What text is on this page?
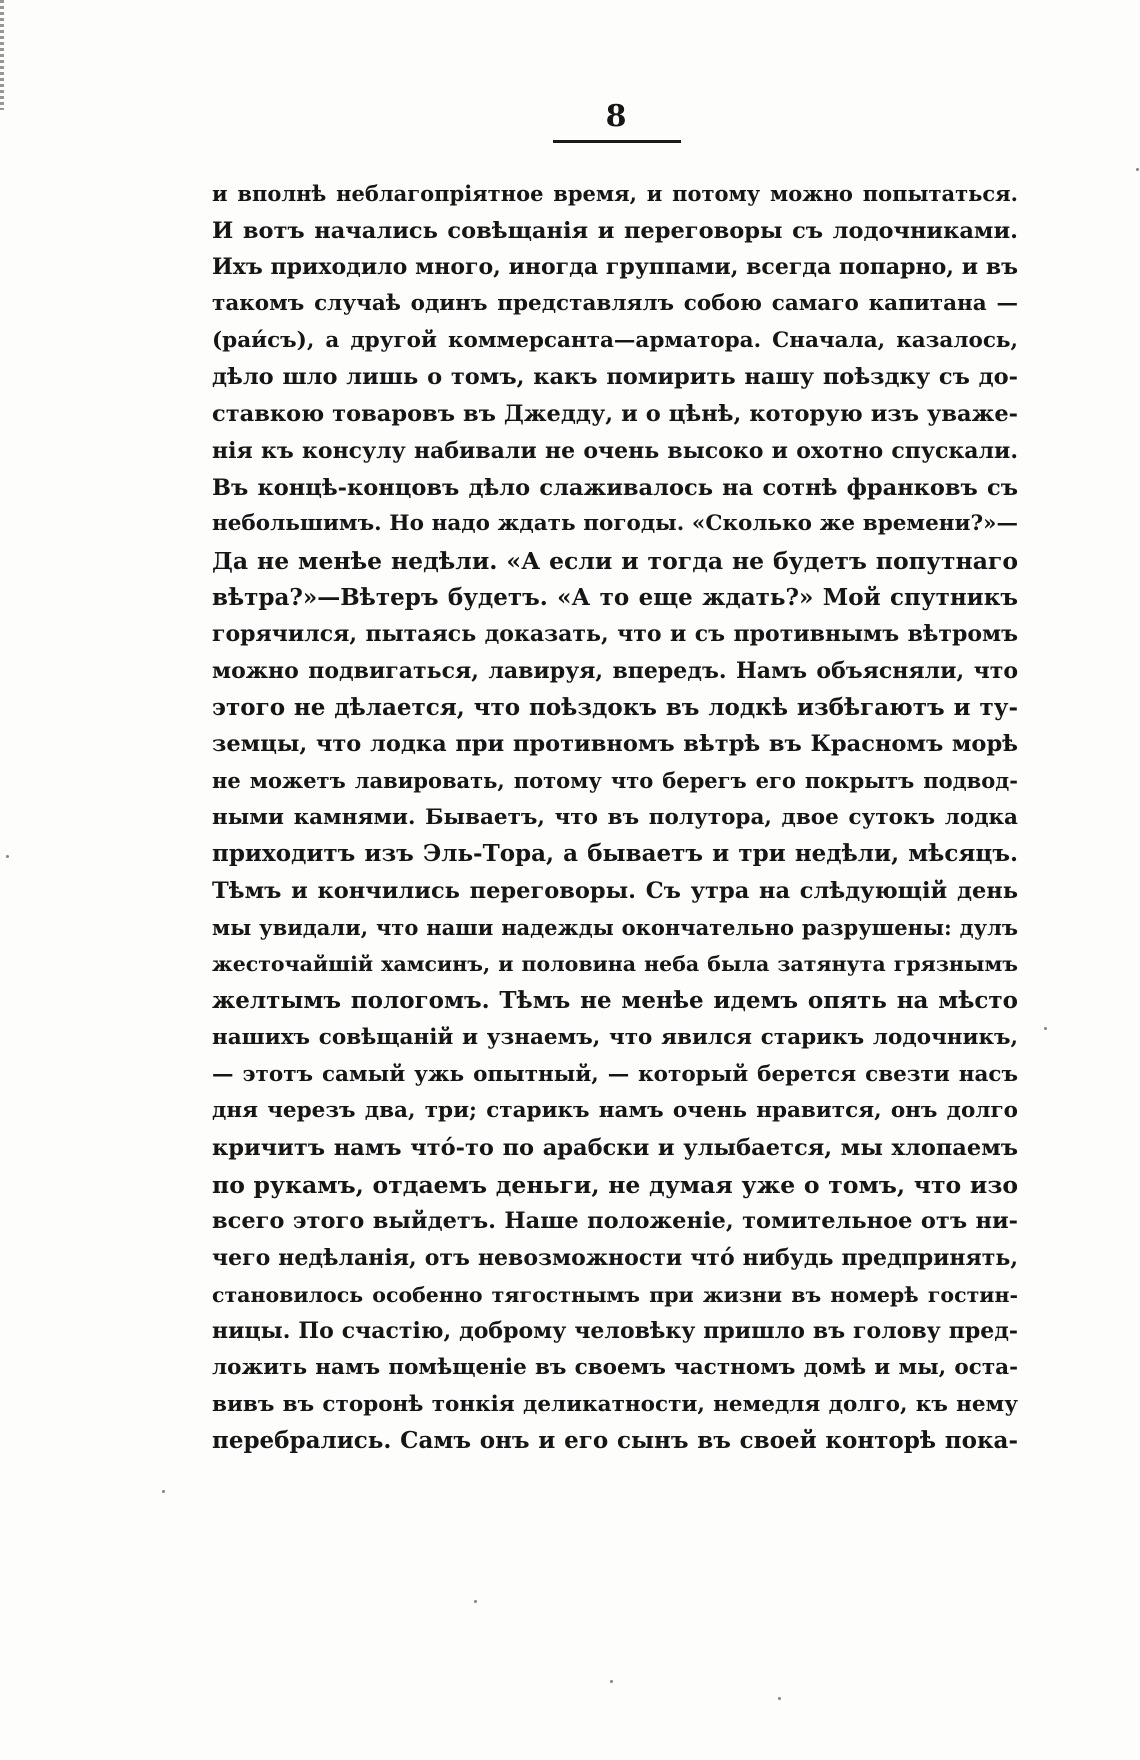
8
и вполнѣ неблагопріятное время, и потому можно попытаться.
И вотъ начались совѣщанія и переговоры съ лодочниками.
Ихъ приходило много, иногда группами, всегда попарно, и въ
такомъ случаѣ одинъ представлялъ собою самаго капитана —
(раи́съ), а другой коммерсанта—арматора. Сначала, казалось,
дѣло шло лишь о томъ, какъ помирить нашу поѣздку съ до-
ставкою товаровъ въ Джедду, и о цѣнѣ, которую изъ уваже-
нія къ консулу набивали не очень высоко и охотно спускали.
Въ концѣ-концовъ дѣло слаживалось на сотнѣ франковъ съ
небольшимъ. Но надо ждать погоды. «Сколько же времени?»—
Да не менѣе недѣли. «А если и тогда не будетъ попутнаго
вѣтра?»—Вѣтеръ будетъ. «А то еще ждать?» Мой спутникъ
горячился, пытаясь доказать, что и съ противнымъ вѣтромъ
можно подвигаться, лавируя, впередъ. Намъ объясняли, что
этого не дѣлается, что поѣздокъ въ лодкѣ избѣгаютъ и ту-
земцы, что лодка при противномъ вѣтрѣ въ Красномъ морѣ
не можетъ лавировать, потому что берегъ его покрытъ подвод-
ными камнями. Бываетъ, что въ полутора, двое сутокъ лодка
приходитъ изъ Эль-Тора, а бываетъ и три недѣли, мѣсяцъ.
Тѣмъ и кончились переговоры. Съ утра на слѣдующій день
мы увидали, что наши надежды окончательно разрушены: дулъ
жесточайшій хамсинъ, и половина неба была затянута грязнымъ
желтымъ пологомъ. Тѣмъ не менѣе идемъ опять на мѣсто
нашихъ совѣщаній и узнаемъ, что явился старикъ лодочникъ,
— этотъ самый ужь опытный, — который берется свезти насъ
дня черезъ два, три; старикъ намъ очень нравится, онъ долго
кричитъ намъ что́-то по арабски и улыбается, мы хлопаемъ
по рукамъ, отдаемъ деньги, не думая уже о томъ, что изо
всего этого выйдетъ. Наше положеніе, томительное отъ ни-
чего недѣланія, отъ невозможности что́ нибудь предпринять,
становилось особенно тягостнымъ при жизни въ номерѣ гостин-
ницы. По счастію, доброму человѣку пришло въ голову пред-
ложить намъ помѣщеніе въ своемъ частномъ домѣ и мы, оста-
вивъ въ сторонѣ тонкія деликатности, немедля долго, къ нему
перебрались. Самъ онъ и его сынъ въ своей конторѣ пока-
